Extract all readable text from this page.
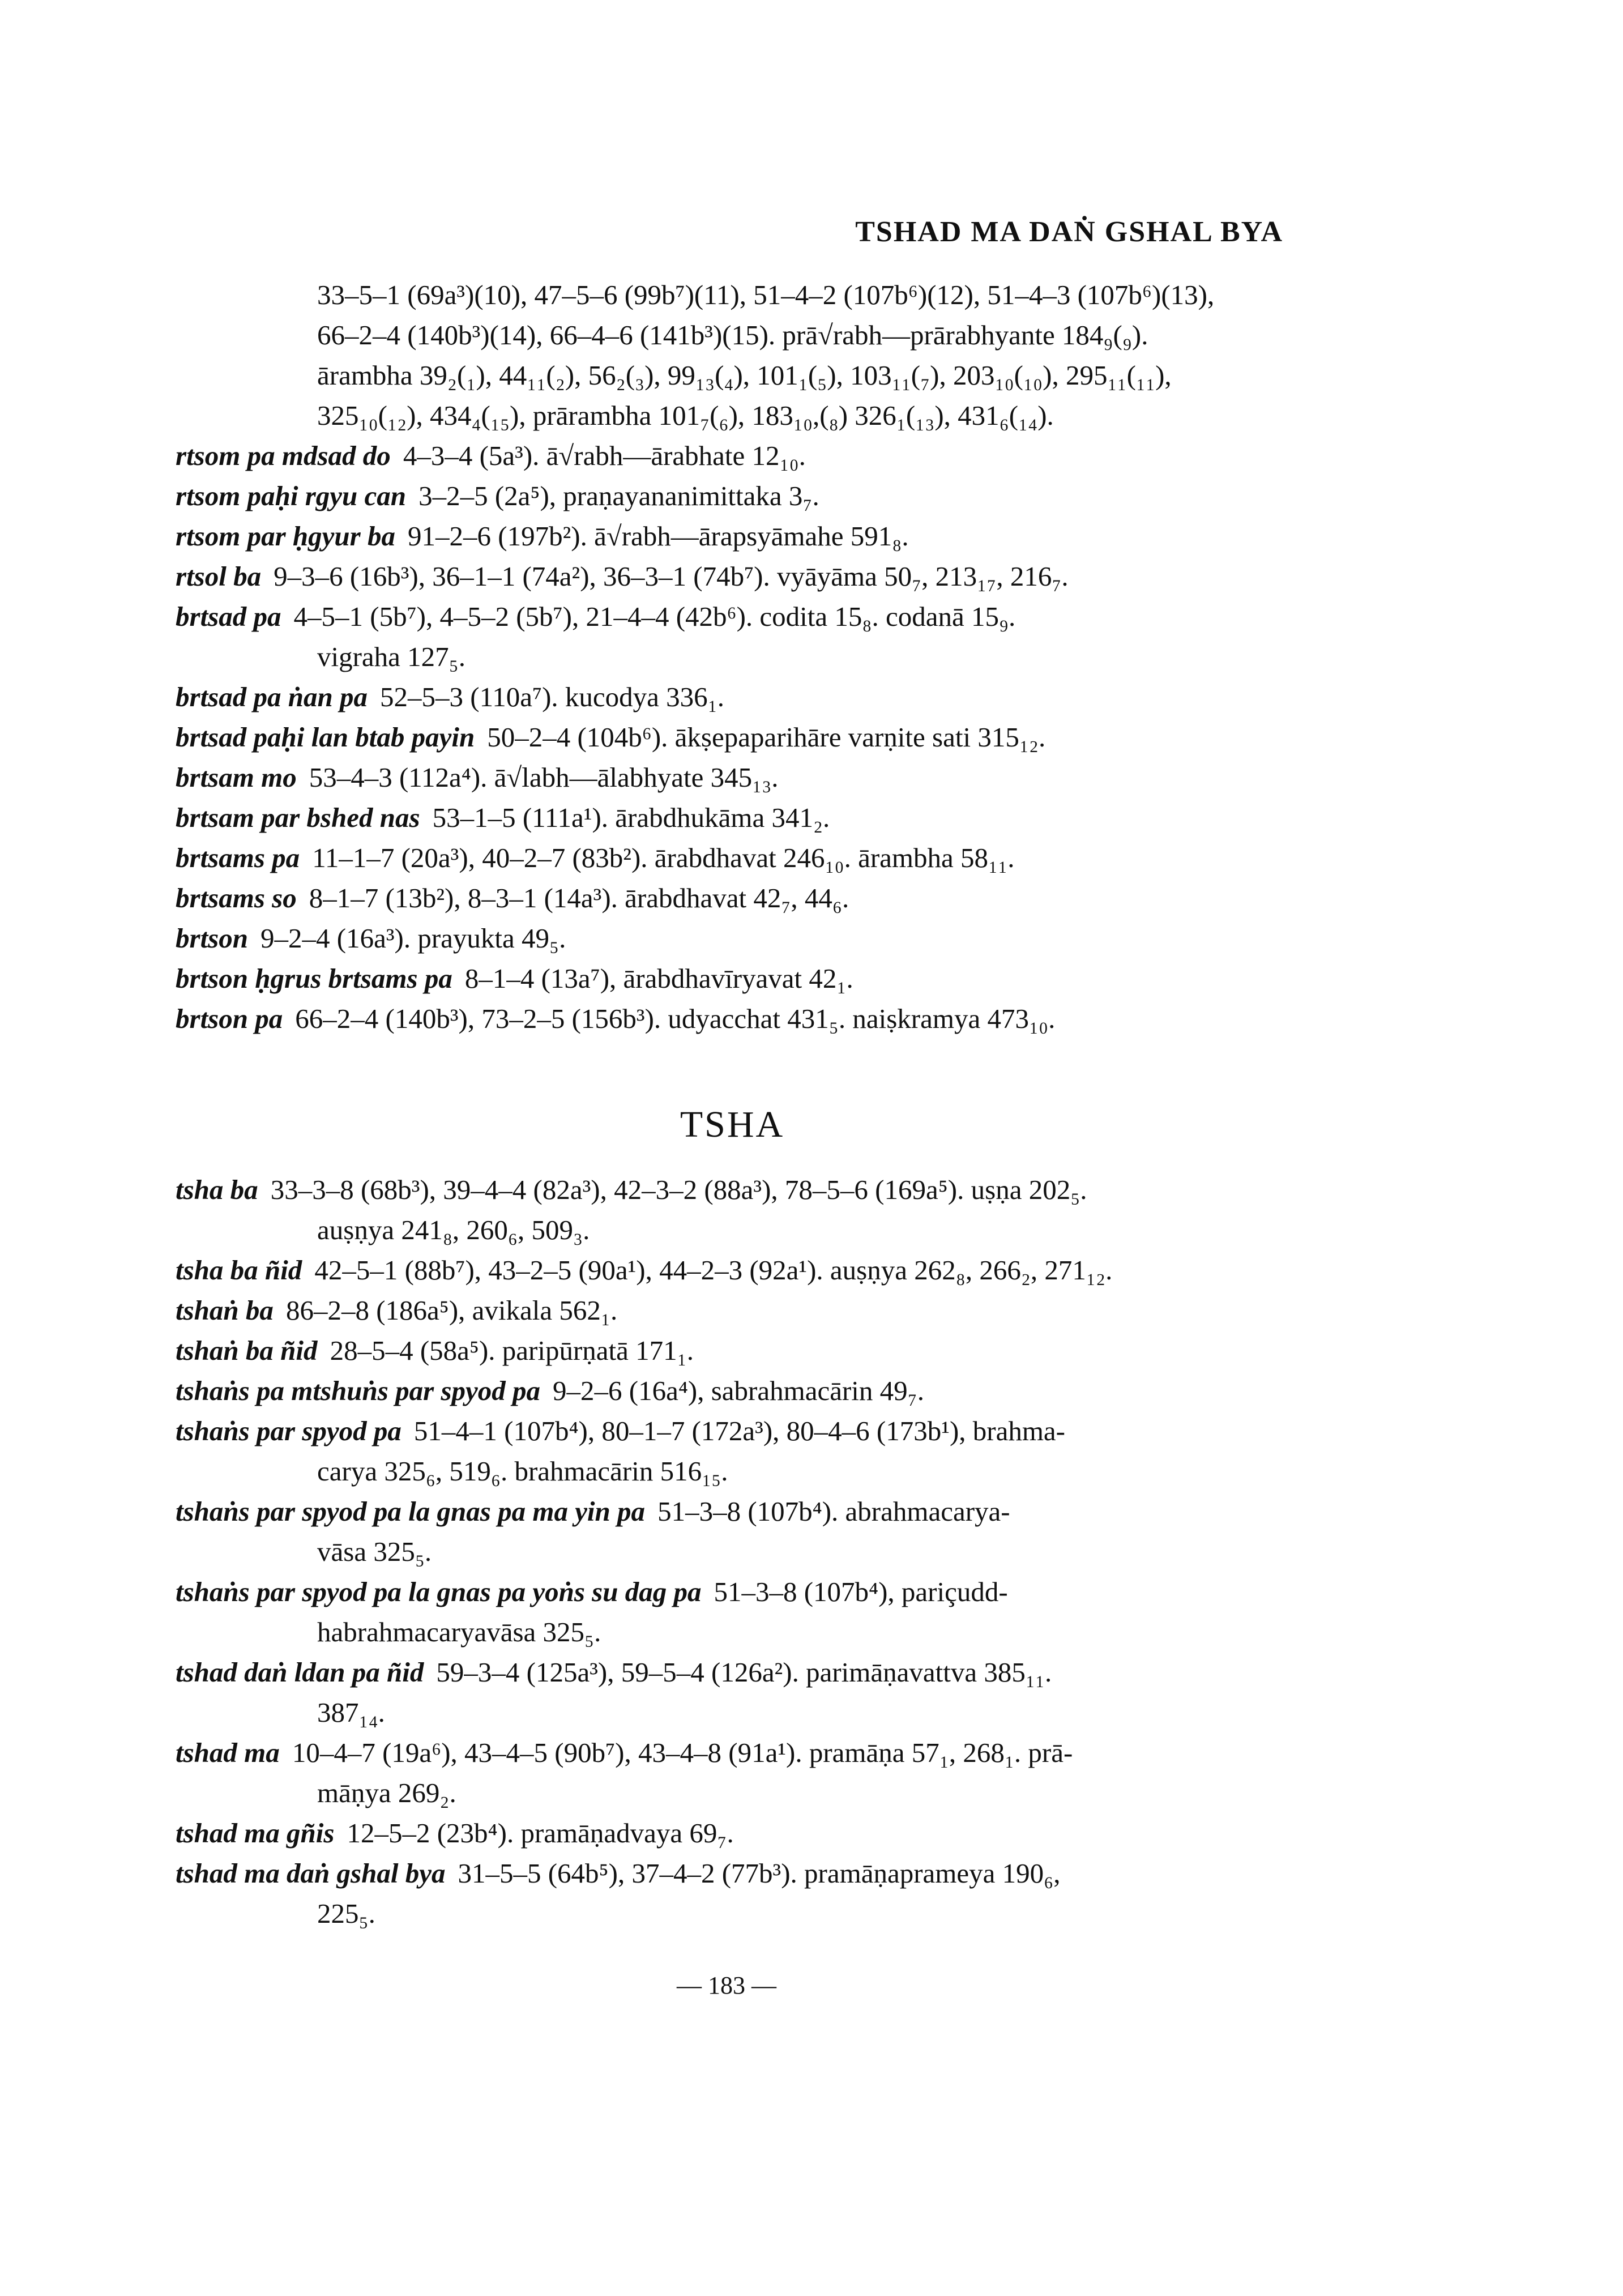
TSHAD MA DAṄ GSHAL BYA
33–5–1 (69a³)(10), 47–5–6 (99b⁷)(11), 51–4–2 (107b⁶)(12), 51–4–3 (107b⁶)(13),
66–2–4 (140b³)(14), 66–4–6 (141b³)(15). prā√rabh—prārabhyante 184₉(₉).
ārambha 39₂(₁), 44₁₁(₂), 56₂(₃), 99₁₃(₄), 101₁(₅), 103₁₁(₇), 203₁₀(₁₀), 295₁₁(₁₁),
325₁₀(₁₂), 434₄(₁₅), prārambha 101₇(₆), 183₁₀,(₈) 326₁(₁₃), 431₆(₁₄).
rtsom pa mdsad do 4–3–4 (5a³). ā√rabh—ārabhate 12₁₀.
rtsom paḥi rgyu can 3–2–5 (2a⁵), praṇayananimittaka 3₇.
rtsom par ḥgyur ba 91–2–6 (197b²). ā√rabh—ārapsyāmahe 591₈.
rtsol ba 9–3–6 (16b³), 36–1–1 (74a²), 36–3–1 (74b⁷). vyāyāma 50₇, 213₁₇, 216₇.
brtsad pa 4–5–1 (5b⁷), 4–5–2 (5b⁷), 21–4–4 (42b⁶). codita 15₈. codanā 15₉.
vigraha 127₅.
brtsad pa ṅan pa 52–5–3 (110a⁷). kucodya 336₁.
brtsad paḥi lan btab payin 50–2–4 (104b⁶). ākṣepaparihāre varṇite sati 315₁₂.
brtsam mo 53–4–3 (112a⁴). ā√labh—ālabhyate 345₁₃.
brtsam par bshed nas 53–1–5 (111a¹). ārabdhukāma 341₂.
brtsams pa 11–1–7 (20a³), 40–2–7 (83b²). ārabdhavat 246₁₀. ārambha 58₁₁.
brtsams so 8–1–7 (13b²), 8–3–1 (14a³). ārabdhavat 42₇, 44₆.
brtson 9–2–4 (16a³). prayukta 49₅.
brtson ḥgrus brtsams pa 8–1–4 (13a⁷), ārabdhavīryavat 42₁.
brtson pa 66–2–4 (140b³), 73–2–5 (156b³). udyacchat 431₅. naiṣkramya 473₁₀.
TSHA
tsha ba 33–3–8 (68b³), 39–4–4 (82a³), 42–3–2 (88a³), 78–5–6 (169a⁵). uṣṇa 202₅.
auṣṇya 241₈, 260₆, 509₃.
tsha ba ñid 42–5–1 (88b⁷), 43–2–5 (90a¹), 44–2–3 (92a¹). auṣṇya 262₈, 266₂, 271₁₂.
tshaṅ ba 86–2–8 (186a⁵), avikala 562₁.
tshaṅ ba ñid 28–5–4 (58a⁵). paripūrṇatā 171₁.
tshaṅs pa mtshuṅs par spyod pa 9–2–6 (16a⁴), sabrahmacārin 49₇.
tshaṅs par spyod pa 51–4–1 (107b⁴), 80–1–7 (172a³), 80–4–6 (173b¹), brahma-
carya 325₆, 519₆. brahmacārin 516₁₅.
tshaṅs par spyod pa la gnas pa ma yin pa 51–3–8 (107b⁴). abrahmacarya-
vāsa 325₅.
tshaṅs par spyod pa la gnas pa yoṅs su dag pa 51–3–8 (107b⁴), pariçudd-
habrahmacaryavāsa 325₅.
tshad daṅ ldan pa ñid 59–3–4 (125a³), 59–5–4 (126a²). parimāṇavattva 385₁₁.
387₁₄.
tshad ma 10–4–7 (19a⁶), 43–4–5 (90b⁷), 43–4–8 (91a¹). pramāṇa 57₁, 268₁. prā-
māṇya 269₂.
tshad ma gñis 12–5–2 (23b⁴). pramāṇadvaya 69₇.
tshad ma daṅ gshal bya 31–5–5 (64b⁵), 37–4–2 (77b³). pramāṇaprameya 190₆,
225₅.
— 183 —
